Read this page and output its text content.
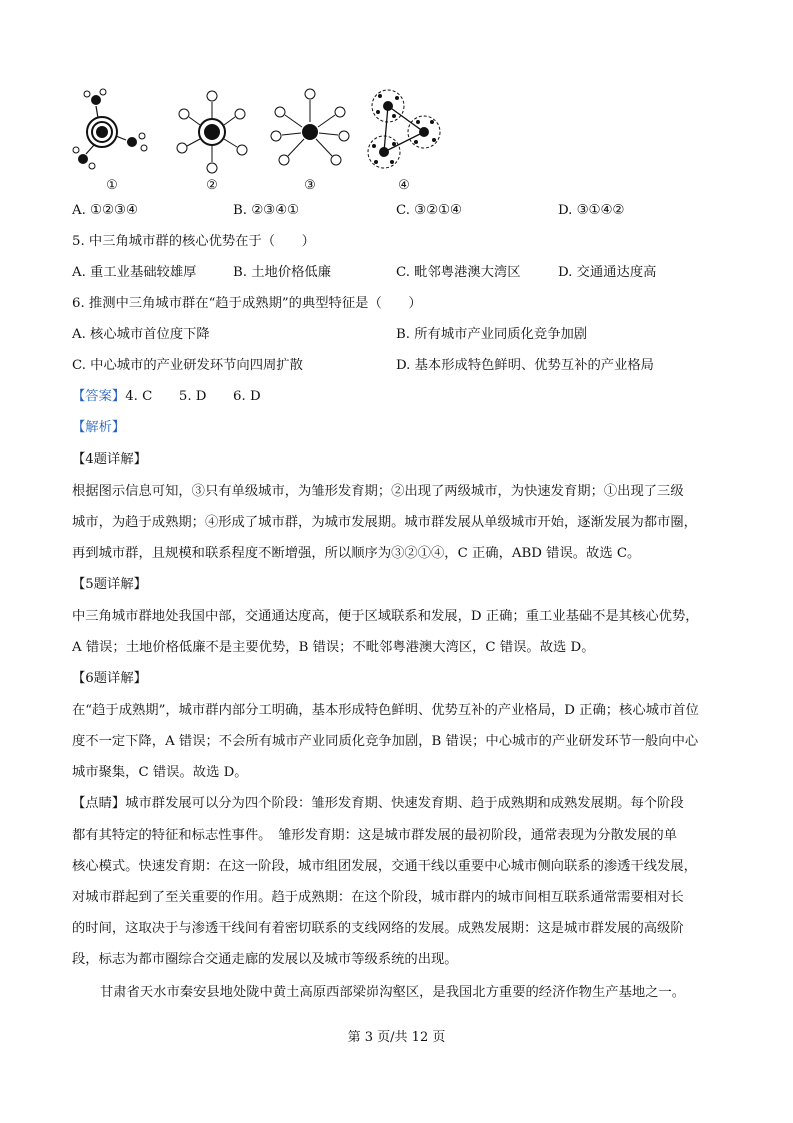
①	②	③	④
A. ①②③④	B. ②③④①	C. ③②①④	D. ③①④②
5. 中三角城市群的核心优势在于（　　）
A. 重工业基础较雄厚	B. 土地价格低廉	C. 毗邻粤港澳大湾区	D. 交通通达度高
6. 推测中三角城市群在“趋于成熟期”的典型特征是（　　）
A. 核心城市首位度下降	B. 所有城市产业同质化竞争加剧
C. 中心城市的产业研发环节向四周扩散	D. 基本形成特色鲜明、优势互补的产业格局
【答案】4. C　　5. D　　6. D
【解析】
【4题详解】
根据图示信息可知，③只有单级城市，为雏形发育期；②出现了两级城市，为快速发育期；①出现了三级
城市，为趋于成熟期；④形成了城市群，为城市发展期。城市群发展从单级城市开始，逐渐发展为都市圈，
再到城市群，且规模和联系程度不断增强，所以顺序为③②①④，C 正确，ABD 错误。故选 C。
【5题详解】
中三角城市群地处我国中部，交通通达度高，便于区域联系和发展，D 正确；重工业基础不是其核心优势，
A 错误；土地价格低廉不是主要优势，B 错误；不毗邻粤港澳大湾区，C 错误。故选 D。
【6题详解】
在“趋于成熟期”，城市群内部分工明确，基本形成特色鲜明、优势互补的产业格局，D 正确；核心城市首位
度不一定下降，A 错误；不会所有城市产业同质化竞争加剧，B 错误；中心城市的产业研发环节一般向中心
城市聚集，C 错误。故选 D。
【点睛】城市群发展可以分为四个阶段：雏形发育期、快速发育期、趋于成熟期和成熟发展期。每个阶段
都有其特定的特征和标志性事件。　雏形发育期：这是城市群发展的最初阶段，通常表现为分散发展的单
核心模式。快速发育期：在这一阶段，城市组团发展，交通干线以重要中心城市侧向联系的渗透干线发展，
对城市群起到了至关重要的作用。趋于成熟期：在这个阶段，城市群内的城市间相互联系通常需要相对长
的时间，这取决于与渗透干线间有着密切联系的支线网络的发展。成熟发展期：这是城市群发展的高级阶
段，标志为都市圈综合交通走廊的发展以及城市等级系统的出现。
甘肃省天水市秦安县地处陇中黄土高原西部梁峁沟壑区，是我国北方重要的经济作物生产基地之一。
第 3 页/共 12 页
